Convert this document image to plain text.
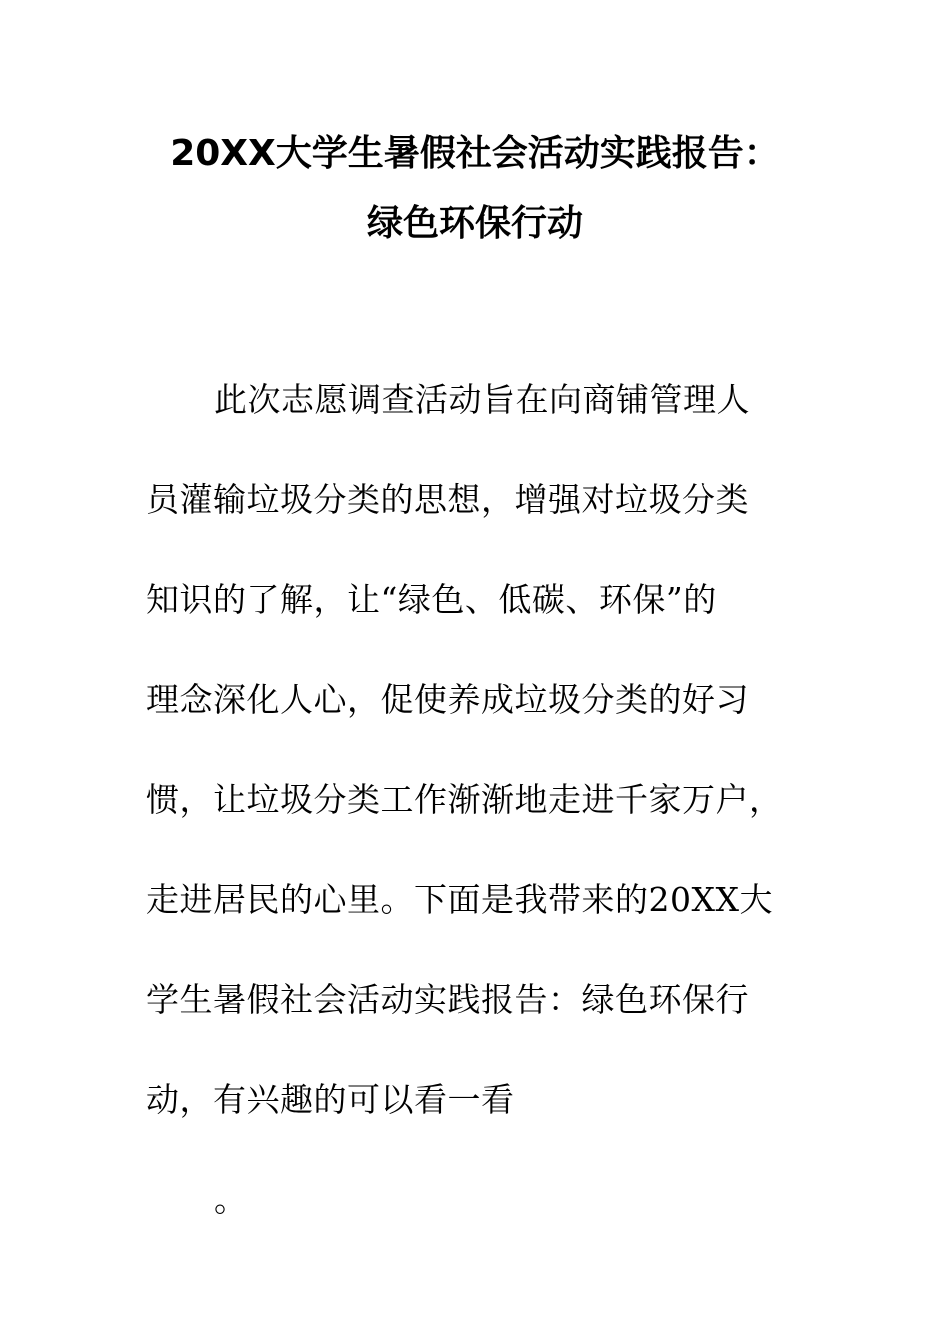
20XX大学生暑假社会活动实践报告：
绿色环保行动
此次志愿调查活动旨在向商铺管理人
员灌输垃圾分类的思想，增强对垃圾分类
知识的了解，让“绿色、低碳、环保”的
理念深化人心，促使养成垃圾分类的好习
惯，让垃圾分类工作渐渐地走进千家万户，
走进居民的心里。下面是我带来的20XX大
学生暑假社会活动实践报告：绿色环保行
动，有兴趣的可以看一看
。
